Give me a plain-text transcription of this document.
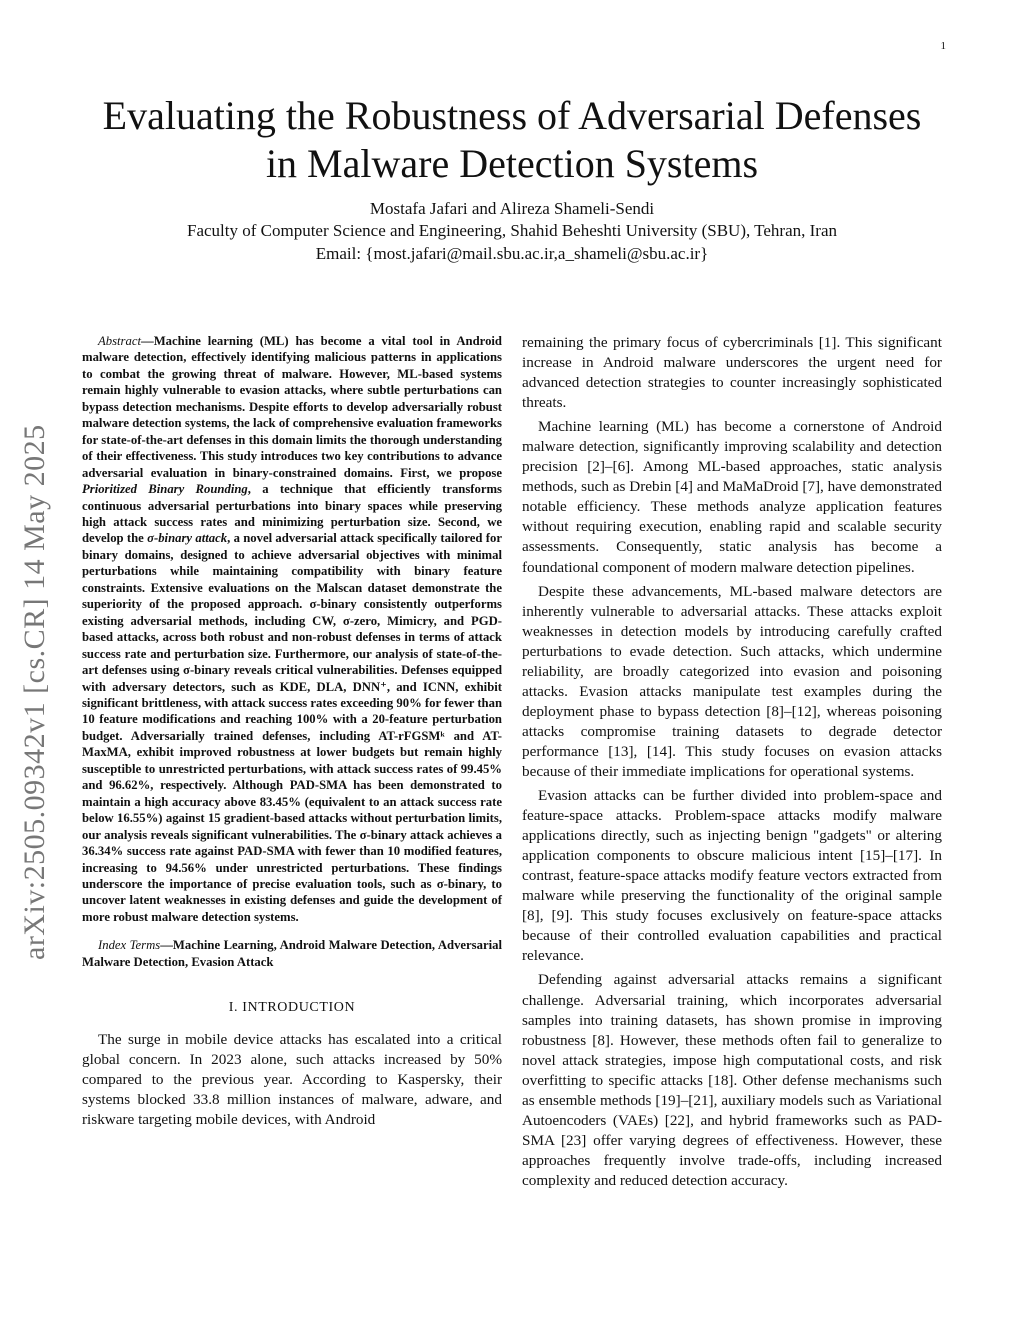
1
arXiv:2505.09342v1 [cs.CR] 14 May 2025
Evaluating the Robustness of Adversarial Defenses
in Malware Detection Systems
Mostafa Jafari and Alireza Shameli-Sendi
Faculty of Computer Science and Engineering, Shahid Beheshti University (SBU), Tehran, Iran
Email: {most.jafari@mail.sbu.ac.ir,a_shameli@sbu.ac.ir}

Abstract—Machine learning (ML) has become a vital tool in Android malware detection, effectively identifying malicious patterns in applications to combat the growing threat of malware. However, ML-based systems remain highly vulnerable to evasion attacks, where subtle perturbations can bypass detection mechanisms. Despite efforts to develop adversarially robust malware detection systems, the lack of comprehensive evaluation frameworks for state-of-the-art defenses in this domain limits the thorough understanding of their effectiveness. This study introduces two key contributions to advance adversarial evaluation in binary-constrained domains. First, we propose Prioritized Binary Rounding, a technique that efficiently transforms continuous adversarial perturbations into binary spaces while preserving high attack success rates and minimizing perturbation size. Second, we develop the σ-binary attack, a novel adversarial attack specifically tailored for binary domains, designed to achieve adversarial objectives with minimal perturbations while maintaining compatibility with binary feature constraints. Extensive evaluations on the Malscan dataset demonstrate the superiority of the proposed approach. σ-binary consistently outperforms existing adversarial methods, including CW, σ-zero, Mimicry, and PGD-based attacks, across both robust and non-robust defenses in terms of attack success rate and perturbation size. Furthermore, our analysis of state-of-the-art defenses using σ-binary reveals critical vulnerabilities. Defenses equipped with adversary detectors, such as KDE, DLA, DNN⁺, and ICNN, exhibit significant brittleness, with attack success rates exceeding 90% for fewer than 10 feature modifications and reaching 100% with a 20-feature perturbation budget. Adversarially trained defenses, including AT-rFGSMᵏ and AT-MaxMA, exhibit improved robustness at lower budgets but remain highly susceptible to unrestricted perturbations, with attack success rates of 99.45% and 96.62%, respectively. Although PAD-SMA has been demonstrated to maintain a high accuracy above 83.45% (equivalent to an attack success rate below 16.55%) against 15 gradient-based attacks without perturbation limits, our analysis reveals significant vulnerabilities. The σ-binary attack achieves a 36.34% success rate against PAD-SMA with fewer than 10 modified features, increasing to 94.56% under unrestricted perturbations. These findings underscore the importance of precise evaluation tools, such as σ-binary, to uncover latent weaknesses in existing defenses and guide the development of more robust malware detection systems.

Index Terms—Machine Learning, Android Malware Detection, Adversarial Malware Detection, Evasion Attack

I. INTRODUCTION

The surge in mobile device attacks has escalated into a critical global concern. In 2023 alone, such attacks increased by 50% compared to the previous year. According to Kaspersky, their systems blocked 33.8 million instances of malware, adware, and riskware targeting mobile devices, with Android

remaining the primary focus of cybercriminals [1]. This significant increase in Android malware underscores the urgent need for advanced detection strategies to counter increasingly sophisticated threats.

Machine learning (ML) has become a cornerstone of Android malware detection, significantly improving scalability and detection precision [2]–[6]. Among ML-based approaches, static analysis methods, such as Drebin [4] and MaMaDroid [7], have demonstrated notable efficiency. These methods analyze application features without requiring execution, enabling rapid and scalable security assessments. Consequently, static analysis has become a foundational component of modern malware detection pipelines.

Despite these advancements, ML-based malware detectors are inherently vulnerable to adversarial attacks. These attacks exploit weaknesses in detection models by introducing carefully crafted perturbations to evade detection. Such attacks, which undermine reliability, are broadly categorized into evasion and poisoning attacks. Evasion attacks manipulate test examples during the deployment phase to bypass detection [8]–[12], whereas poisoning attacks compromise training datasets to degrade detector performance [13], [14]. This study focuses on evasion attacks because of their immediate implications for operational systems.

Evasion attacks can be further divided into problem-space and feature-space attacks. Problem-space attacks modify malware applications directly, such as injecting benign "gadgets" or altering application components to obscure malicious intent [15]–[17]. In contrast, feature-space attacks modify feature vectors extracted from malware while preserving the functionality of the original sample [8], [9]. This study focuses exclusively on feature-space attacks because of their controlled evaluation capabilities and practical relevance.

Defending against adversarial attacks remains a significant challenge. Adversarial training, which incorporates adversarial samples into training datasets, has shown promise in improving robustness [8]. However, these methods often fail to generalize to novel attack strategies, impose high computational costs, and risk overfitting to specific attacks [18]. Other defense mechanisms such as ensemble methods [19]–[21], auxiliary models such as Variational Autoencoders (VAEs) [22], and hybrid frameworks such as PAD-SMA [23] offer varying degrees of effectiveness. However, these approaches frequently involve trade-offs, including increased complexity and reduced detection accuracy.
